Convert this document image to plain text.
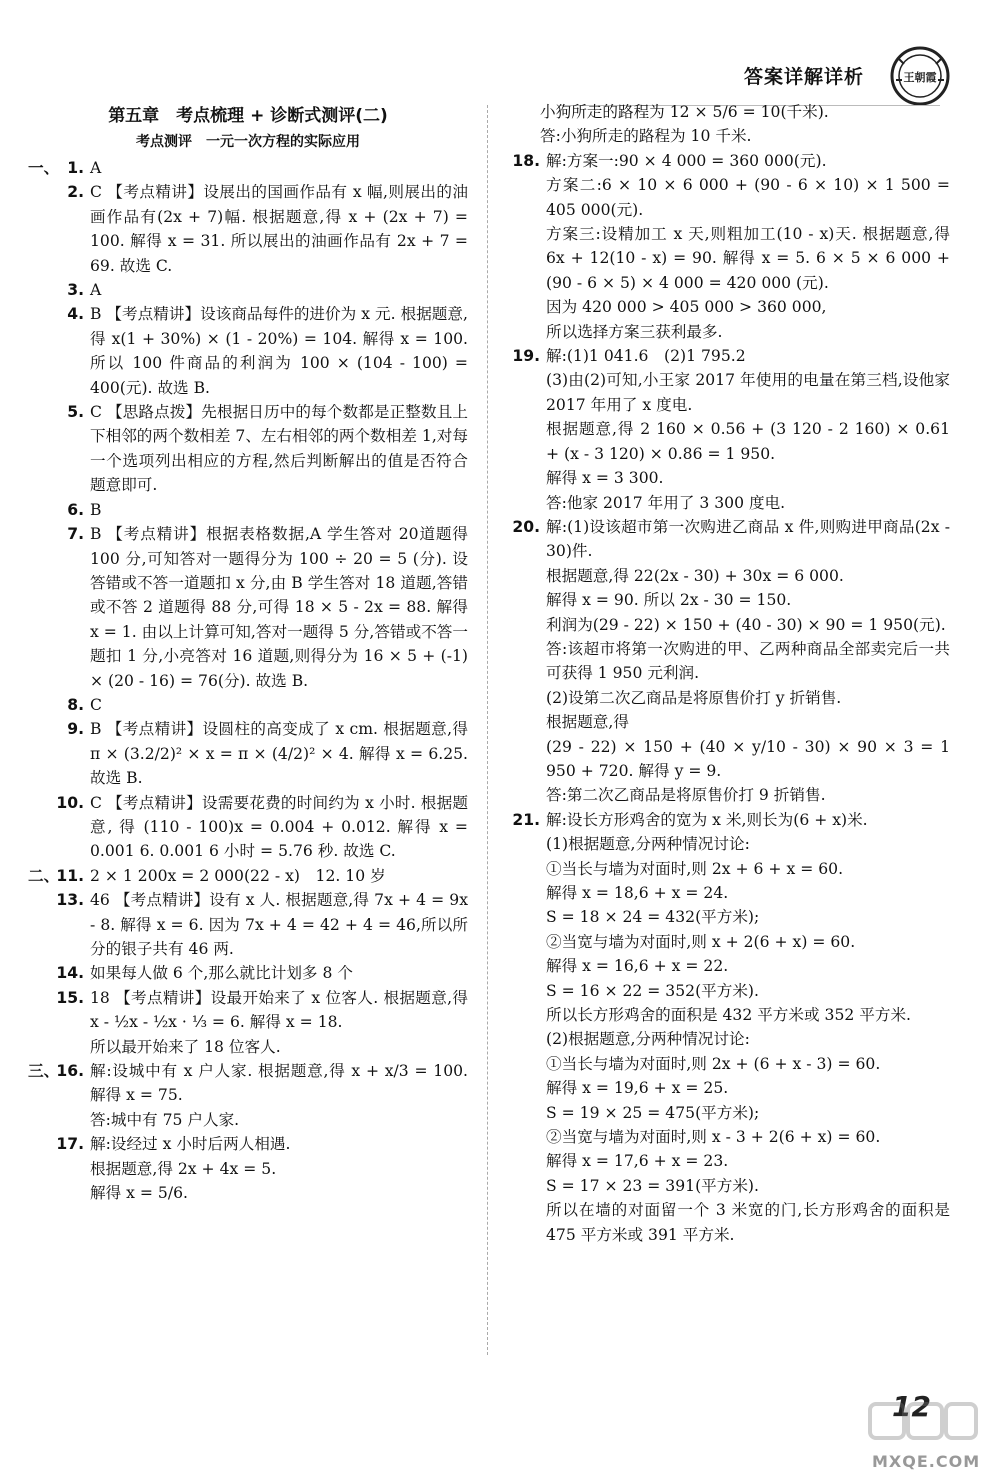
答案详解详析	王朝霞
第五章　考点梳理 + 诊断式测评(二)
考点测评　一元一次方程的实际应用
一、 1. A
2. C 【考点精讲】设展出的国画作品有 x 幅,则展出的油画作品有(2x + 7)幅. 根据题意,得 x + (2x + 7) = 100. 解得 x = 31. 所以展出的油画作品有 2x + 7 = 69. 故选 C.
3. A
4. B 【考点精讲】设该商品每件的进价为 x 元. 根据题意,得 x(1 + 30%) × (1 - 20%) = 104. 解得 x = 100. 所以 100 件商品的利润为 100 × (104 - 100) = 400(元). 故选 B.
5. C 【思路点拨】先根据日历中的每个数都是正整数且上下相邻的两个数相差 7、左右相邻的两个数相差 1,对每一个选项列出相应的方程,然后判断解出的值是否符合题意即可.
6. B
7. B 【考点精讲】根据表格数据,A 学生答对 20道题得 100 分,可知答对一题得分为 100 ÷ 20 = 5 (分). 设答错或不答一道题扣 x 分,由 B 学生答对 18 道题,答错或不答 2 道题得 88 分,可得 18 × 5 - 2x = 88. 解得 x = 1. 由以上计算可知,答对一题得 5 分,答错或不答一题扣 1 分,小亮答对 16 道题,则得分为 16 × 5 + (-1) × (20 - 16) = 76(分). 故选 B.
8. C
9. B 【考点精讲】设圆柱的高变成了 x cm. 根据题意,得 π × (3.2/2)² × x = π × (4/2)² × 4. 解得 x = 6.25. 故选 B.
10. C 【考点精讲】设需要花费的时间约为 x 小时. 根据题意, 得 (110 - 100)x = 0.004 + 0.012. 解得 x = 0.001 6. 0.001 6 小时 = 5.76 秒. 故选 C.
二、
11. 2 × 1 200x = 2 000(22 - x)　12. 10 岁
13. 46 【考点精讲】设有 x 人. 根据题意,得 7x + 4 = 9x - 8. 解得 x = 6. 因为 7x + 4 = 42 + 4 = 46,所以所分的银子共有 46 两.
14. 如果每人做 6 个,那么就比计划多 8 个
15. 18 【考点精讲】设最开始来了 x 位客人. 根据题意,得 x - ½x - ½x · ⅓ = 6. 解得 x = 18.
所以最开始来了 18 位客人.
三、
16. 解:设城中有 x 户人家. 根据题意,得 x + x/3 = 100. 解得 x = 75.
答:城中有 75 户人家.
17. 解:设经过 x 小时后两人相遇.
根据题意,得 2x + 4x = 5.
解得 x = 5/6.
小狗所走的路程为 12 × 5/6 = 10(千米).
答:小狗所走的路程为 10 千米.
18. 解:方案一:90 × 4 000 = 360 000(元).
方案二:6 × 10 × 6 000 + (90 - 6 × 10) × 1 500 = 405 000(元).
方案三:设精加工 x 天,则粗加工(10 - x)天. 根据题意,得 6x + 12(10 - x) = 90. 解得 x = 5. 6 × 5 × 6 000 + (90 - 6 × 5) × 4 000 = 420 000 (元).
因为 420 000 > 405 000 > 360 000,
所以选择方案三获利最多.
19. 解:(1)1 041.6　(2)1 795.2
(3)由(2)可知,小王家 2017 年使用的电量在第三档,设他家 2017 年用了 x 度电.
根据题意,得 2 160 × 0.56 + (3 120 - 2 160) × 0.61 + (x - 3 120) × 0.86 = 1 950.
解得 x = 3 300.
答:他家 2017 年用了 3 300 度电.
20. 解:(1)设该超市第一次购进乙商品 x 件,则购进甲商品(2x - 30)件.
根据题意,得 22(2x - 30) + 30x = 6 000.
解得 x = 90. 所以 2x - 30 = 150.
利润为(29 - 22) × 150 + (40 - 30) × 90 = 1 950(元).
答:该超市将第一次购进的甲、乙两种商品全部卖完后一共可获得 1 950 元利润.
(2)设第二次乙商品是将原售价打 y 折销售.
根据题意,得
(29 - 22) × 150 + (40 × y/10 - 30) × 90 × 3 = 1 950 + 720. 解得 y = 9.
答:第二次乙商品是将原售价打 9 折销售.
21. 解:设长方形鸡舍的宽为 x 米,则长为(6 + x)米.
(1)根据题意,分两种情况讨论:
①当长与墙为对面时,则 2x + 6 + x = 60.
解得 x = 18,6 + x = 24.
S = 18 × 24 = 432(平方米);
②当宽与墙为对面时,则 x + 2(6 + x) = 60.
解得 x = 16,6 + x = 22.
S = 16 × 22 = 352(平方米).
所以长方形鸡舍的面积是 432 平方米或 352 平方米.
(2)根据题意,分两种情况讨论:
①当长与墙为对面时,则 2x + (6 + x - 3) = 60.
解得 x = 19,6 + x = 25.
S = 19 × 25 = 475(平方米);
②当宽与墙为对面时,则 x - 3 + 2(6 + x) = 60.
解得 x = 17,6 + x = 23.
S = 17 × 23 = 391(平方米).
所以在墙的对面留一个 3 米宽的门,长方形鸡舍的面积是 475 平方米或 391 平方米.
12
MXQE.COM
